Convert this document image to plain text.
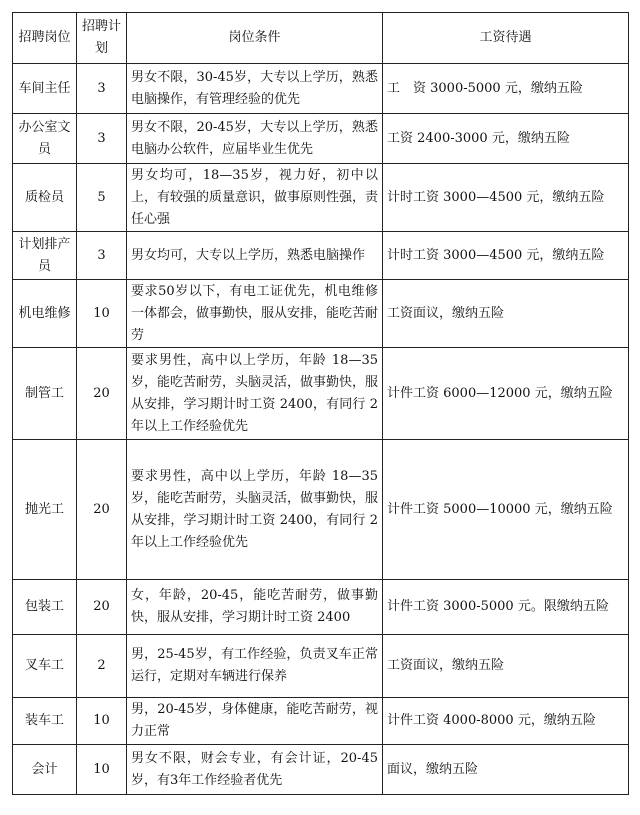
招聘岗位	招聘计划	岗位条件	工资待遇
车间主任	3	男女不限，30-45岁，大专以上学历，熟悉电脑操作，有管理经验的优先	工　资 3000-5000 元，缴纳五险
办公室文员	3	男女不限，20-45岁，大专以上学历，熟悉电脑办公软件，应届毕业生优先	工资 2400-3000 元，缴纳五险
质检员	5	男女均可，18—35岁，视力好，初中以上，有较强的质量意识，做事原则性强，责任心强	计时工资 3000—4500 元，缴纳五险
计划排产员	3	男女均可，大专以上学历，熟悉电脑操作	计时工资 3000—4500 元，缴纳五险
机电维修	10	要求50岁以下，有电工证优先，机电维修一体都会，做事勤快，服从安排，能吃苦耐劳	工资面议，缴纳五险
制管工	20	要求男性，高中以上学历，年龄 18—35岁，能吃苦耐劳，头脑灵活，做事勤快，服从安排，学习期计时工资 2400，有同行 2 年以上工作经验优先	计件工资 6000—12000 元，缴纳五险
抛光工	20	要求男性，高中以上学历，年龄 18—35岁，能吃苦耐劳，头脑灵活，做事勤快，服从安排，学习期计时工资 2400，有同行 2 年以上工作经验优先	计件工资 5000—10000 元，缴纳五险
包装工	20	女，年龄，20-45，能吃苦耐劳，做事勤快，服从安排，学习期计时工资 2400	计件工资 3000-5000 元。限缴纳五险
叉车工	2	男，25-45岁，有工作经验，负责叉车正常运行，定期对车辆进行保养	工资面议，缴纳五险
装车工	10	男，20-45岁，身体健康，能吃苦耐劳，视力正常	计件工资 4000-8000 元，缴纳五险
会计	10	男女不限，财会专业，有会计证，20-45岁，有3年工作经验者优先	面议，缴纳五险
